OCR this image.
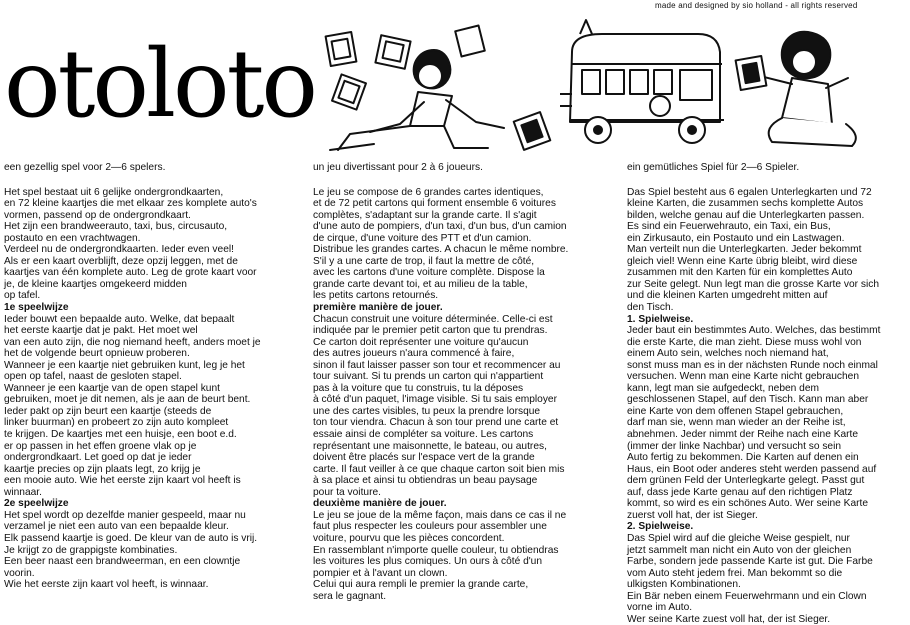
made and designed by sio holland - all rights reserved
otoloto

een gezellig spel voor 2—6 spelers.

Het spel bestaat uit 6 gelijke ondergrondkaarten,

en 72 kleine kaartjes die met elkaar zes komplete auto's

vormen, passend op de ondergrondkaart.

Het zijn een brandweerauto, taxi, bus, circusauto,

postauto en een vrachtwagen.

Verdeel nu de ondergrondkaarten. Ieder even veel!

Als er een kaart overblijft, deze opzij leggen, met de

kaartjes van één komplete auto. Leg de grote kaart voor

je, de kleine kaartjes omgekeerd midden

op tafel.

1e speelwijze

Ieder bouwt een bepaalde auto. Welke, dat bepaalt

het eerste kaartje dat je pakt. Het moet wel

van een auto zijn, die nog niemand heeft, anders moet je

het de volgende beurt opnieuw proberen.

Wanneer je een kaartje niet gebruiken kunt, leg je het

open op tafel, naast de gesloten stapel.

Wanneer je een kaartje van de open stapel kunt

gebruiken, moet je dit nemen, als je aan de beurt bent.

Ieder pakt op zijn beurt een kaartje (steeds de

linker buurman) en probeert zo zijn auto kompleet

te krijgen. De kaartjes met een huisje, een boot e.d.

er op passen in het effen groene vlak op je

ondergrondkaart. Let goed op dat je ieder

kaartje precies op zijn plaats legt, zo krijg je

een mooie auto. Wie het eerste zijn kaart vol heeft is

winnaar.

2e speelwijze

Het spel wordt op dezelfde manier gespeeld, maar nu

verzamel je niet een auto van een bepaalde kleur.

Elk passend kaartje is goed. De kleur van de auto is vrij.

Je krijgt zo de grappigste kombinaties.

Een beer naast een brandweerman, en een clowntje

voorin.

Wie het eerste zijn kaart vol heeft, is winnaar.

un jeu divertissant pour 2 à 6 joueurs.

Le jeu se compose de 6 grandes cartes identiques,

et de 72 petit cartons qui forment ensemble 6 voitures

complètes, s'adaptant sur la grande carte. Il s'agit

d'une auto de pompiers, d'un taxi, d'un bus, d'un camion

de cirque, d'une voiture des PTT et d'un camion.

Distribue les grandes cartes. A chacun le même nombre.

S'il y a une carte de trop, il faut la mettre de côté,

avec les cartons d'une voiture complète. Dispose la

grande carte devant toi, et au milieu de la table,

les petits cartons retournés.

première manière de jouer.

Chacun construit une voiture déterminée. Celle-ci est

indiquée par le premier petit carton que tu prendras.

Ce carton doit représenter une voiture qu'aucun

des autres joueurs n'aura commencé à faire,

sinon il faut laisser passer son tour et recommencer au

tour suivant. Si tu prends un carton qui n'appartient

pas à la voiture que tu construis, tu la déposes

à côté d'un paquet, l'image visible. Si tu sais employer

une des cartes visibles, tu peux la prendre lorsque

ton tour viendra. Chacun à son tour prend une carte et

essaie ainsi de compléter sa voiture. Les cartons

représentant une maisonnette, le bateau, ou autres,

doivent être placés sur l'espace vert de la grande

carte. Il faut veiller à ce que chaque carton soit bien mis

à sa place et ainsi tu obtiendras un beau paysage

pour ta voiture.

deuxième manière de jouer.

Le jeu se joue de la même façon, mais dans ce cas il ne

faut plus respecter les couleurs pour assembler une

voiture, pourvu que les pièces concordent.

En rassemblant n'importe quelle couleur, tu obtiendras

les voitures les plus comiques. Un ours à côté d'un

pompier et à l'avant un clown.

Celui qui aura rempli le premier la grande carte,

sera le gagnant.

ein gemütliches Spiel für 2—6 Spieler.

Das Spiel besteht aus 6 egalen Unterlegkarten und 72

kleine Karten, die zusammen sechs komplette Autos

bilden, welche genau auf die Unterlegkarten passen.

Es sind ein Feuerwehrauto, ein Taxi, ein Bus,

ein Zirkusauto, ein Postauto und ein Lastwagen.

Man verteilt nun die Unterlegkarten. Jeder bekommt

gleich viel! Wenn eine Karte übrig bleibt, wird diese

zusammen mit den Karten für ein komplettes Auto

zur Seite gelegt. Nun legt man die grosse Karte vor sich

und die kleinen Karten umgedreht mitten auf

den Tisch.

1. Spielweise.

Jeder baut ein bestimmtes Auto. Welches, das bestimmt

die erste Karte, die man zieht. Diese muss wohl von

einem Auto sein, welches noch niemand hat,

sonst muss man es in der nächsten Runde noch einmal

versuchen. Wenn man eine Karte nicht gebrauchen

kann, legt man sie aufgedeckt, neben dem

geschlossenen Stapel, auf den Tisch. Kann man aber

eine Karte von dem offenen Stapel gebrauchen,

darf man sie, wenn man wieder an der Reihe ist,

abnehmen. Jeder nimmt der Reihe nach eine Karte

(immer der linke Nachbar) und versucht so sein

Auto fertig zu bekommen. Die Karten auf denen ein

Haus, ein Boot oder anderes steht werden passend auf

dem grünen Feld der Unterlegkarte gelegt. Passt gut

auf, dass jede Karte genau auf den richtigen Platz

kommt, so wird es ein schönes Auto. Wer seine Karte

zuerst voll hat, der ist Sieger.

2. Spielweise.

Das Spiel wird auf die gleiche Weise gespielt, nur

jetzt sammelt man nicht ein Auto von der gleichen

Farbe, sondern jede passende Karte ist gut. Die Farbe

vom Auto steht jedem frei. Man bekommt so die

ulkigsten Kombinationen.

Ein Bär neben einem Feuerwehrmann und ein Clown

vorne im Auto.

Wer seine Karte zuest voll hat, der ist Sieger.
